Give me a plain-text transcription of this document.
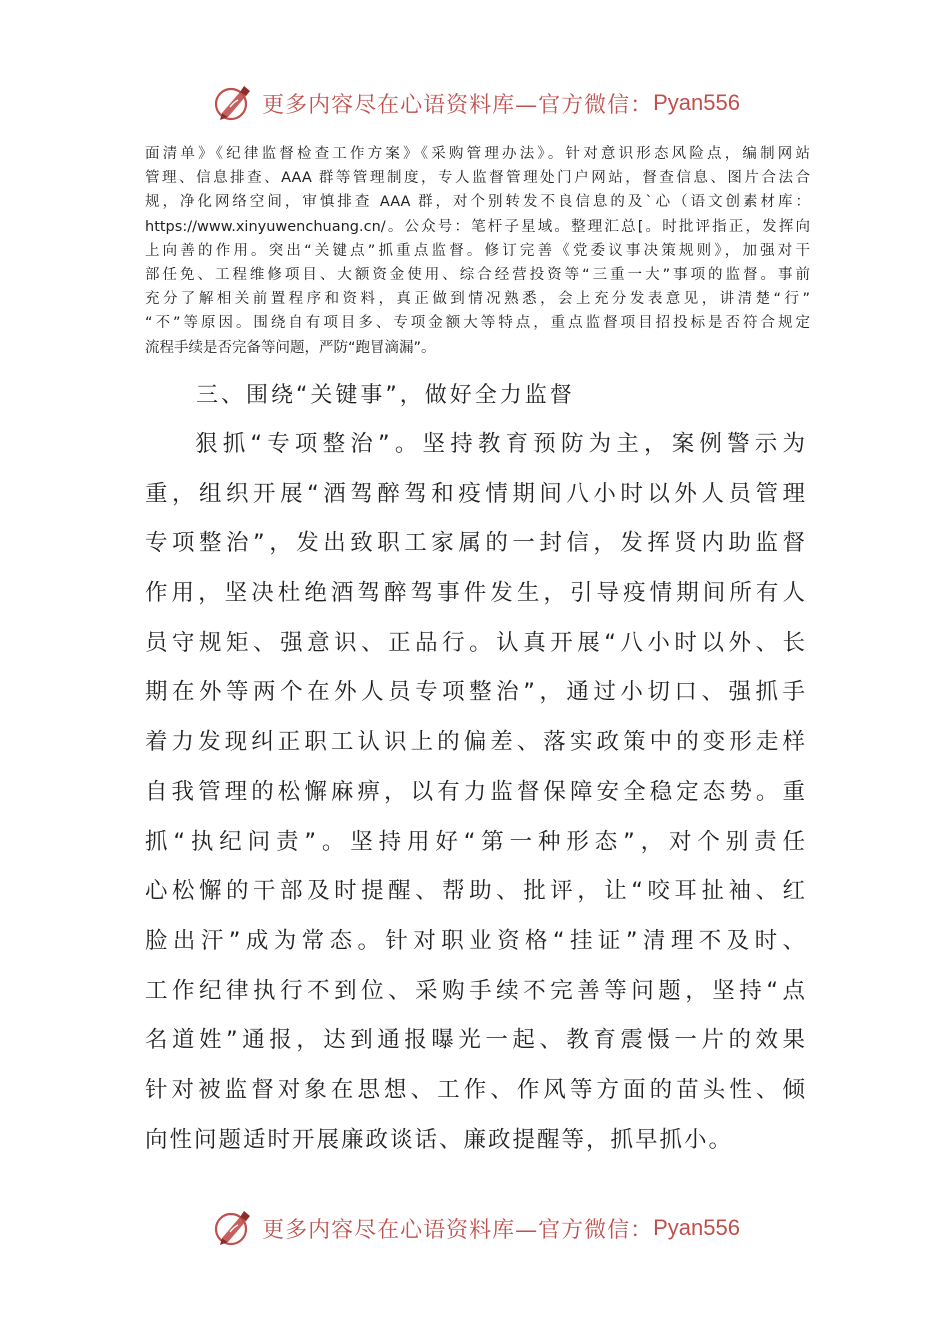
更多内容尽在心语资料库—官方微信： Pyan556
面清单》《纪律监督检查工作方案》《采购管理办法》。针对意识形态风险点，编制网站
管理、信息排查、AAA 群等管理制度，专人监督管理处门户网站，督查信息、图片合法合
规，净化网络空间，审慎排查 AAA 群，对个别转发不良信息的及`心（语文创素材库：
https://www.xinyuwenchuang.cn/。公众号：笔杆子星域。整理汇总[。时批评指正，发挥向
上向善的作用。突出“关键点”抓重点监督。修订完善《党委议事决策规则》，加强对干
部任免、工程维修项目、大额资金使用、综合经营投资等“三重一大”事项的监督。事前
充分了解相关前置程序和资料，真正做到情况熟悉，会上充分发表意见，讲清楚“行”
“不”等原因。围绕自有项目多、专项金额大等特点，重点监督项目招投标是否符合规定
流程手续是否完备等问题，严防“跑冒滴漏”。
三、围绕“关键事”，做好全力监督
狠抓“专项整治”。坚持教育预防为主，案例警示为
重，组织开展“酒驾醉驾和疫情期间八小时以外人员管理
专项整治”，发出致职工家属的一封信，发挥贤内助监督
作用，坚决杜绝酒驾醉驾事件发生，引导疫情期间所有人
员守规矩、强意识、正品行。认真开展“八小时以外、长
期在外等两个在外人员专项整治”，通过小切口、强抓手
着力发现纠正职工认识上的偏差、落实政策中的变形走样
自我管理的松懈麻痹，以有力监督保障安全稳定态势。重
抓“执纪问责”。坚持用好“第一种形态”，对个别责任
心松懈的干部及时提醒、帮助、批评，让“咬耳扯袖、红
脸出汗”成为常态。针对职业资格“挂证”清理不及时、
工作纪律执行不到位、采购手续不完善等问题，坚持“点
名道姓”通报，达到通报曝光一起、教育震慑一片的效果
针对被监督对象在思想、工作、作风等方面的苗头性、倾
向性问题适时开展廉政谈话、廉政提醒等，抓早抓小。
更多内容尽在心语资料库—官方微信： Pyan556
